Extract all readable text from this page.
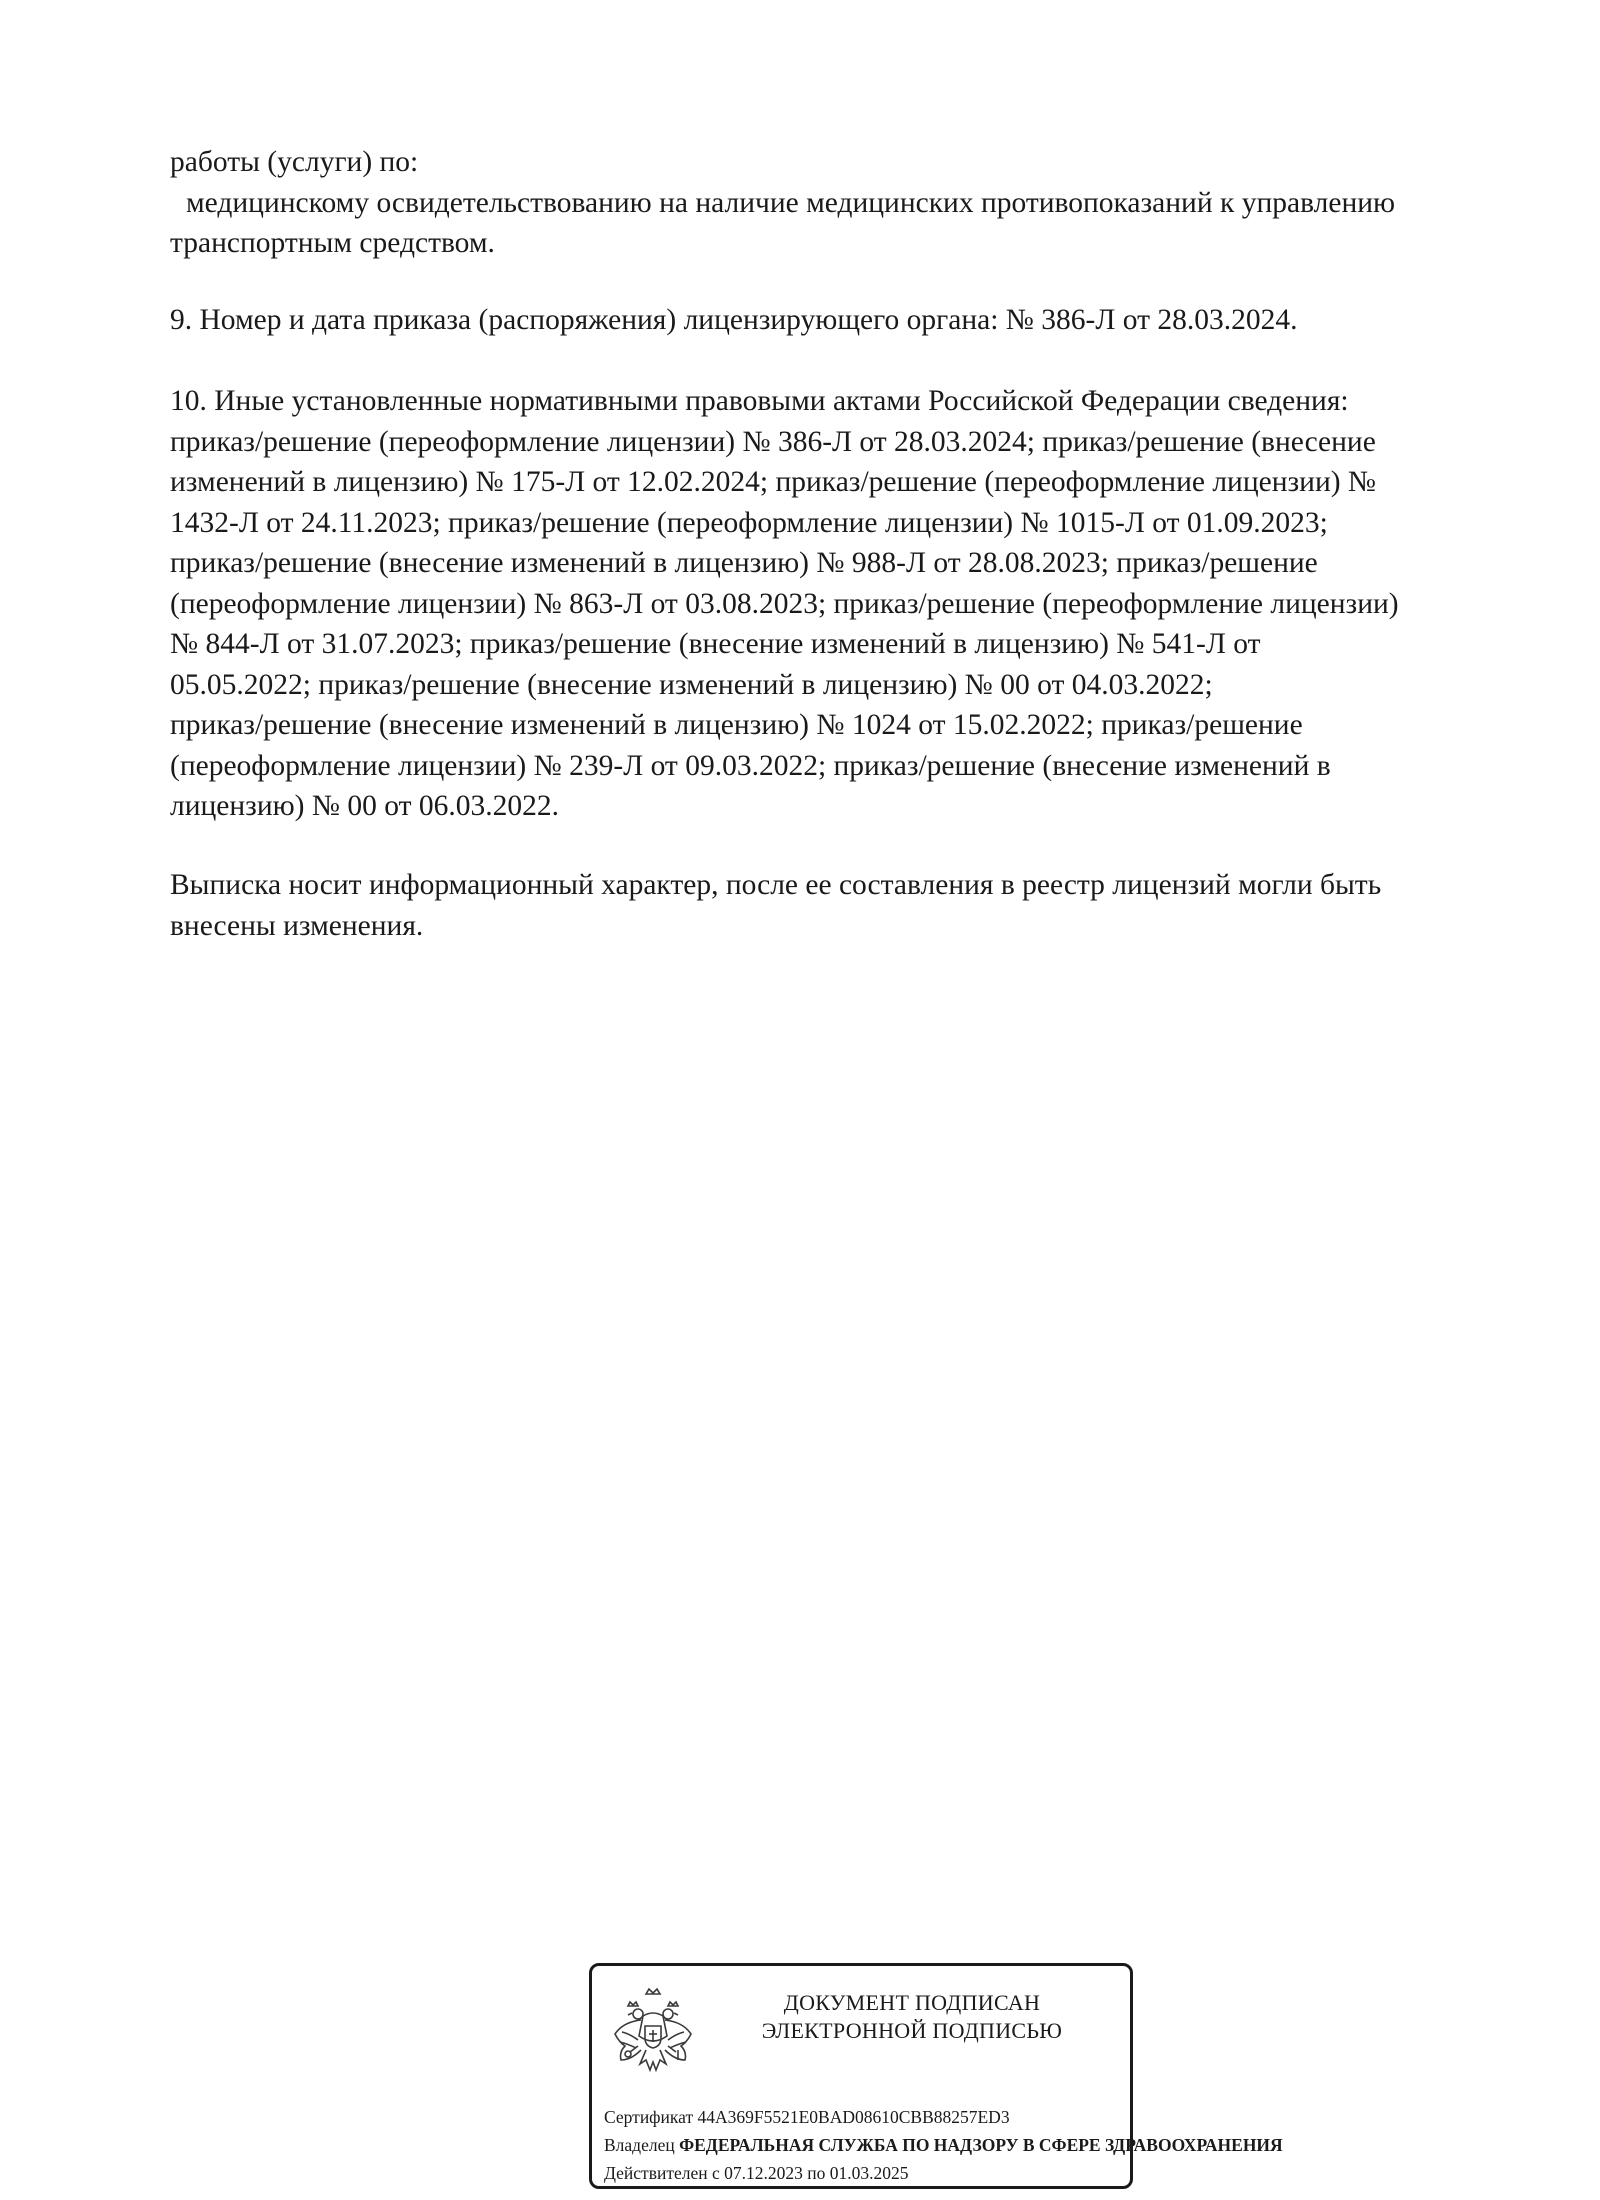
работы (услуги) по:
медицинскому освидетельствованию на наличие медицинских противопоказаний к управлению
транспортным средством.
9. Номер и дата приказа (распоряжения) лицензирующего органа: № 386-Л от 28.03.2024.
10. Иные установленные нормативными правовыми актами Российской Федерации сведения:
приказ/решение (переоформление лицензии) № 386-Л от 28.03.2024; приказ/решение (внесение
изменений в лицензию) № 175-Л от 12.02.2024; приказ/решение (переоформление лицензии) №
1432-Л от 24.11.2023; приказ/решение (переоформление лицензии) № 1015-Л от 01.09.2023;
приказ/решение (внесение изменений в лицензию) № 988-Л от 28.08.2023; приказ/решение
(переоформление лицензии) № 863-Л от 03.08.2023; приказ/решение (переоформление лицензии)
№ 844-Л от 31.07.2023; приказ/решение (внесение изменений в лицензию) № 541-Л от
05.05.2022; приказ/решение (внесение изменений в лицензию) № 00 от 04.03.2022;
приказ/решение (внесение изменений в лицензию) № 1024 от 15.02.2022; приказ/решение
(переоформление лицензии) № 239-Л от 09.03.2022; приказ/решение (внесение изменений в
лицензию) № 00 от 06.03.2022.
Выписка носит информационный характер, после ее составления в реестр лицензий могли быть
внесены изменения.
ДОКУМЕНТ ПОДПИСАН
ЭЛЕКТРОННОЙ ПОДПИСЬЮ
Сертификат 44A369F5521E0BAD08610CBB88257ED3
Владелец ФЕДЕРАЛЬНАЯ СЛУЖБА ПО НАДЗОРУ В СФЕРЕ ЗДРАВООХРАНЕНИЯ
Действителен с 07.12.2023 по 01.03.2025
